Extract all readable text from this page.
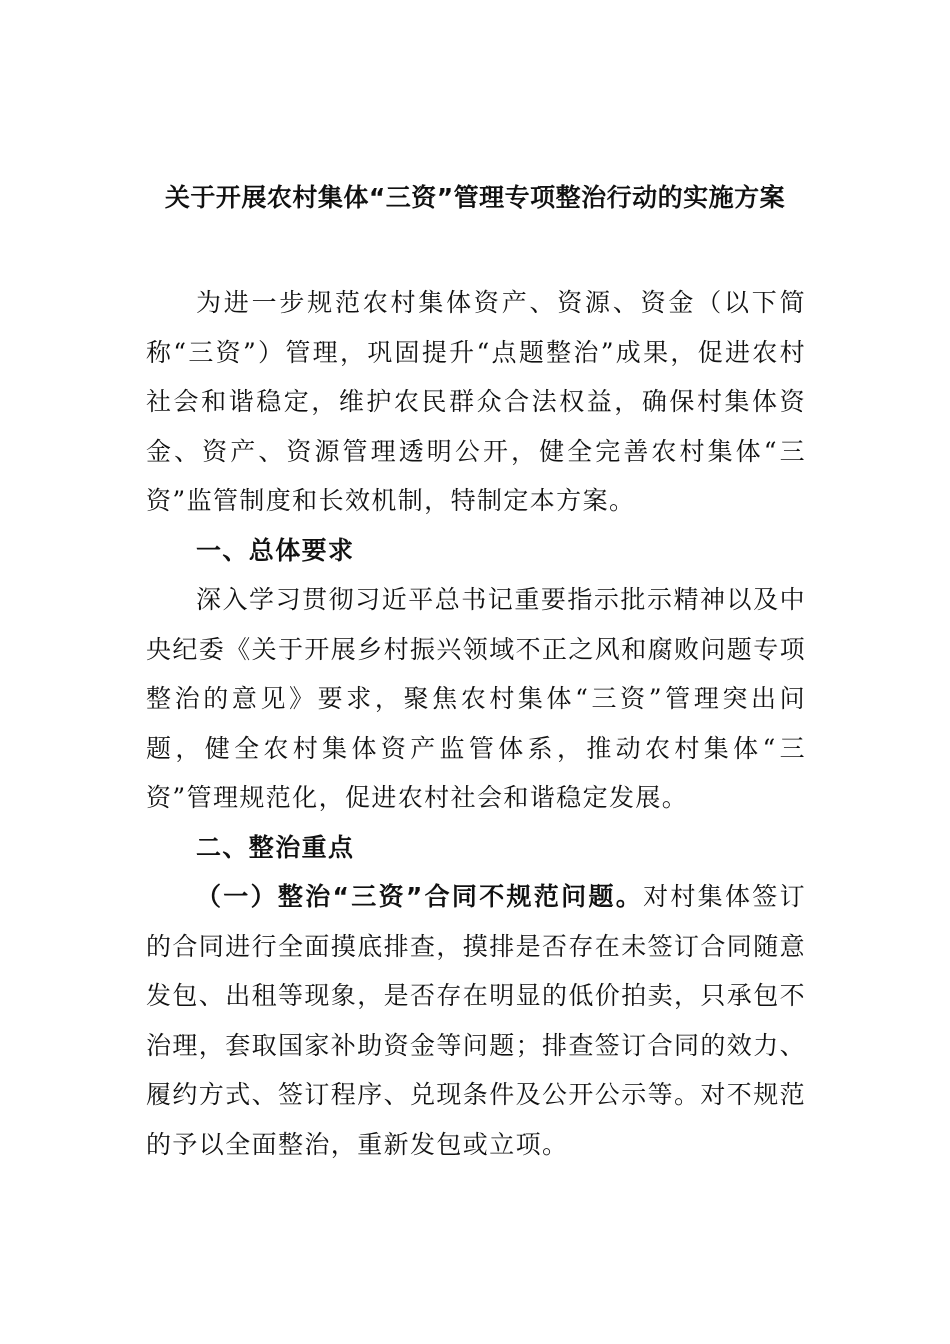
关于开展农村集体“三资”管理专项整治行动的实施方案

为进一步规范农村集体资产、资源、资金（以下简称“三资”）管理，巩固提升“点题整治”成果，促进农村社会和谐稳定，维护农民群众合法权益，确保村集体资金、资产、资源管理透明公开，健全完善农村集体“三资”监管制度和长效机制，特制定本方案。

一、总体要求

深入学习贯彻习近平总书记重要指示批示精神以及中央纪委《关于开展乡村振兴领域不正之风和腐败问题专项整治的意见》要求，聚焦农村集体“三资”管理突出问题，健全农村集体资产监管体系，推动农村集体“三资”管理规范化，促进农村社会和谐稳定发展。

二、整治重点

（一）整治“三资”合同不规范问题。对村集体签订的合同进行全面摸底排查，摸排是否存在未签订合同随意发包、出租等现象，是否存在明显的低价拍卖，只承包不治理，套取国家补助资金等问题；排查签订合同的效力、履约方式、签订程序、兑现条件及公开公示等。对不规范的予以全面整治，重新发包或立项。
